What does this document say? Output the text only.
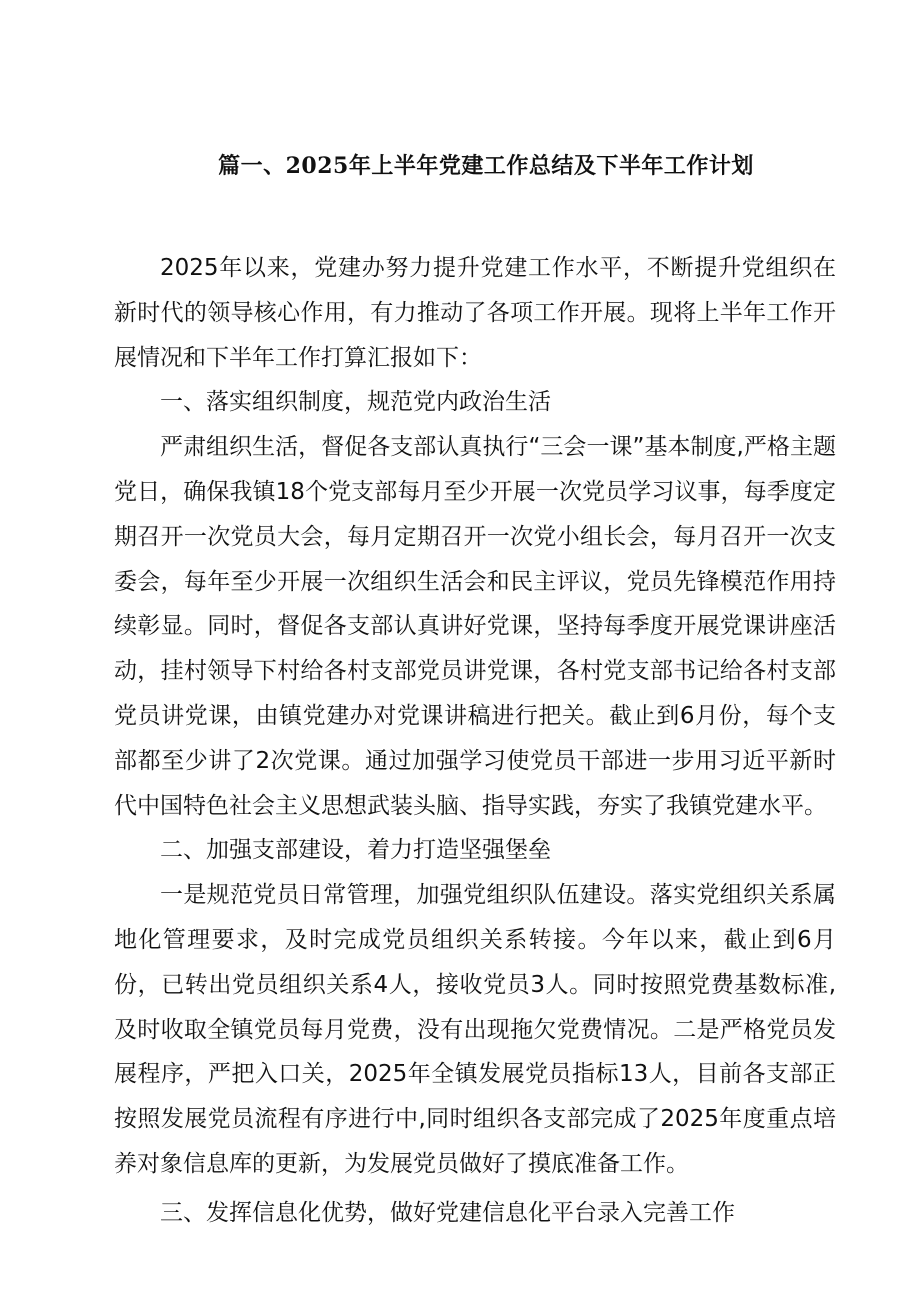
篇一、2025年上半年党建工作总结及下半年工作计划

2025年以来，党建办努力提升党建工作水平，不断提升党组织在新时代的领导核心作用，有力推动了各项工作开展。现将上半年工作开展情况和下半年工作打算汇报如下：

一、落实组织制度，规范党内政治生活

严肃组织生活，督促各支部认真执行“三会一课”基本制度,严格主题党日，确保我镇18个党支部每月至少开展一次党员学习议事，每季度定期召开一次党员大会，每月定期召开一次党小组长会，每月召开一次支委会，每年至少开展一次组织生活会和民主评议，党员先锋模范作用持续彰显。同时，督促各支部认真讲好党课，坚持每季度开展党课讲座活动，挂村领导下村给各村支部党员讲党课，各村党支部书记给各村支部党员讲党课，由镇党建办对党课讲稿进行把关。截止到6月份，每个支部都至少讲了2次党课。通过加强学习使党员干部进一步用习近平新时代中国特色社会主义思想武装头脑、指导实践，夯实了我镇党建水平。

二、加强支部建设，着力打造坚强堡垒

一是规范党员日常管理，加强党组织队伍建设。落实党组织关系属地化管理要求，及时完成党员组织关系转接。今年以来，截止到6月份，已转出党员组织关系4人，接收党员3人。同时按照党费基数标准,及时收取全镇党员每月党费，没有出现拖欠党费情况。二是严格党员发展程序，严把入口关，2025年全镇发展党员指标13人，目前各支部正按照发展党员流程有序进行中,同时组织各支部完成了2025年度重点培养对象信息库的更新，为发展党员做好了摸底准备工作。

三、发挥信息化优势，做好党建信息化平台录入完善工作
